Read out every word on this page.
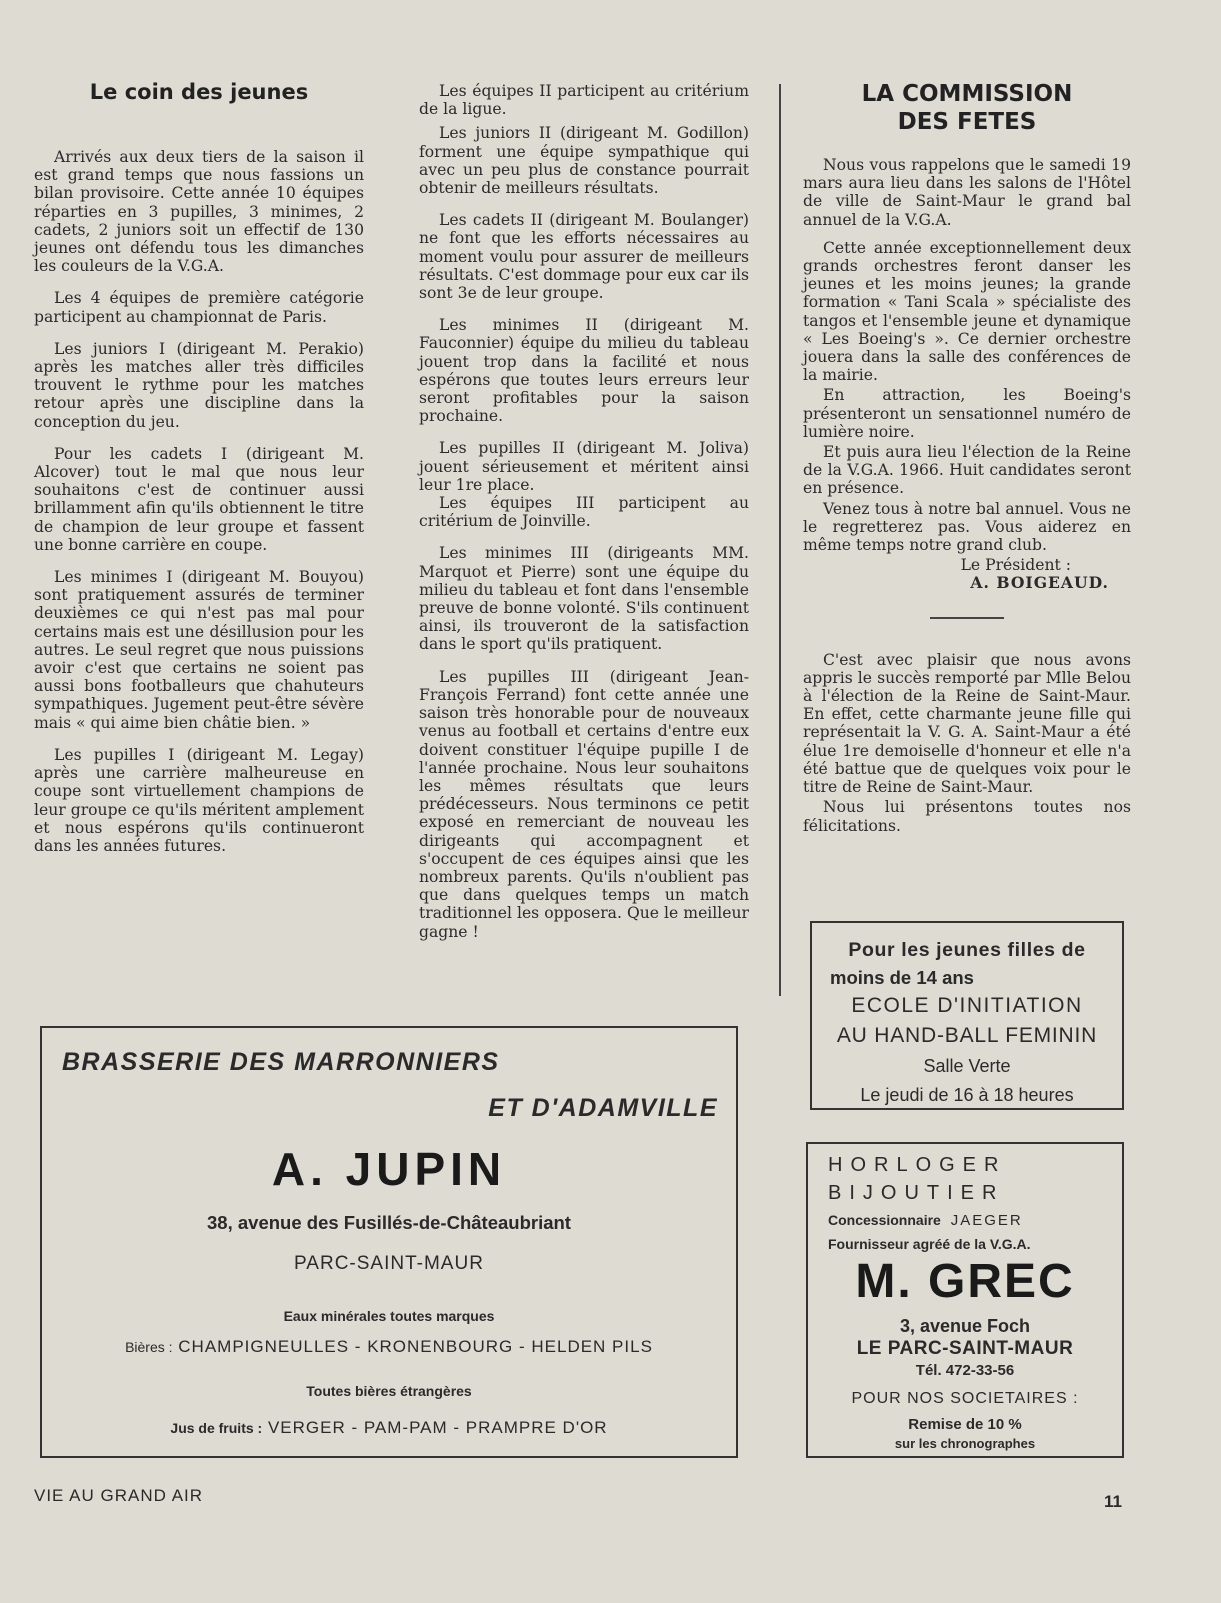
Le coin des jeunes

Arrivés aux deux tiers de la saison il est grand temps que nous fassions un bilan provisoire. Cette année 10 équipes réparties en 3 pupilles, 3 minimes, 2 cadets, 2 juniors soit un effectif de 130 jeunes ont défendu tous les dimanches les couleurs de la V.G.A.

Les 4 équipes de première catégorie participent au championnat de Paris.

Les juniors I (dirigeant M. Perakio) après les matches aller très difficiles trouvent le rythme pour les matches retour après une discipline dans la conception du jeu.

Pour les cadets I (dirigeant M. Alcover) tout le mal que nous leur souhaitons c'est de continuer aussi brillamment afin qu'ils obtiennent le titre de champion de leur groupe et fassent une bonne carrière en coupe.

Les minimes I (dirigeant M. Bouyou) sont pratiquement assurés de terminer deuxièmes ce qui n'est pas mal pour certains mais est une désillusion pour les autres. Le seul regret que nous puissions avoir c'est que certains ne soient pas aussi bons footballeurs que chahuteurs sympathiques. Jugement peut-être sévère mais « qui aime bien châtie bien. »

Les pupilles I (dirigeant M. Legay) après une carrière malheureuse en coupe sont virtuellement champions de leur groupe ce qu'ils méritent amplement et nous espérons qu'ils continueront dans les années futures.

Les équipes II participent au critérium de la ligue.

Les juniors II (dirigeant M. Godillon) forment une équipe sympathique qui avec un peu plus de constance pourrait obtenir de meilleurs résultats.

Les cadets II (dirigeant M. Boulanger) ne font que les efforts nécessaires au moment voulu pour assurer de meilleurs résultats. C'est dommage pour eux car ils sont 3e de leur groupe.

Les minimes II (dirigeant M. Fauconnier) équipe du milieu du tableau jouent trop dans la facilité et nous espérons que toutes leurs erreurs leur seront profitables pour la saison prochaine.

Les pupilles II (dirigeant M. Joliva) jouent sérieusement et méritent ainsi leur 1re place.

Les équipes III participent au critérium de Joinville.

Les minimes III (dirigeants MM. Marquot et Pierre) sont une équipe du milieu du tableau et font dans l'ensemble preuve de bonne volonté. S'ils continuent ainsi, ils trouveront de la satisfaction dans le sport qu'ils pratiquent.

Les pupilles III (dirigeant Jean-François Ferrand) font cette année une saison très honorable pour de nouveaux venus au football et certains d'entre eux doivent constituer l'équipe pupille I de l'année prochaine. Nous leur souhaitons les mêmes résultats que leurs prédécesseurs. Nous terminons ce petit exposé en remerciant de nouveau les dirigeants qui accompagnent et s'occupent de ces équipes ainsi que les nombreux parents. Qu'ils n'oublient pas que dans quelques temps un match traditionnel les opposera. Que le meilleur gagne !

LA COMMISSION
DES FETES

Nous vous rappelons que le samedi 19 mars aura lieu dans les salons de l'Hôtel de ville de Saint-Maur le grand bal annuel de la V.G.A.

Cette année exceptionnellement deux grands orchestres feront danser les jeunes et les moins jeunes; la grande formation « Tani Scala » spécialiste des tangos et l'ensemble jeune et dynamique « Les Boeing's ». Ce dernier orchestre jouera dans la salle des conférences de la mairie.

En attraction, les Boeing's présenteront un sensationnel numéro de lumière noire.

Et puis aura lieu l'élection de la Reine de la V.G.A. 1966. Huit candidates seront en présence.

Venez tous à notre bal annuel. Vous ne le regretterez pas. Vous aiderez en même temps notre grand club.

Le Président :
A. BOIGEAUD.

C'est avec plaisir que nous avons appris le succès remporté par Mlle Belou à l'élection de la Reine de Saint-Maur. En effet, cette charmante jeune fille qui représentait la V. G. A. Saint-Maur a été élue 1re demoiselle d'honneur et elle n'a été battue que de quelques voix pour le titre de Reine de Saint-Maur.

Nous lui présentons toutes nos félicitations.

Pour les jeunes filles de
moins de 14 ans
ECOLE D'INITIATION
AU HAND-BALL FEMININ
Salle Verte
Le jeudi de 16 à 18 heures
BRASSERIE DES MARRONNIERS
ET D'ADAMVILLE
A. JUPIN
38, avenue des Fusillés-de-Châteaubriant
PARC-SAINT-MAUR
Eaux minérales toutes marques
Bières : CHAMPIGNEULLES - KRONENBOURG - HELDEN PILS
Toutes bières étrangères
Jus de fruits : VERGER - PAM-PAM - PRAMPRE D'OR
HORLOGER
BIJOUTIER
Concessionnaire JAEGER
Fournisseur agréé de la V.G.A.
M. GREC
3, avenue Foch
LE PARC-SAINT-MAUR
Tél. 472-33-56
POUR NOS SOCIETAIRES :
Remise de 10 %
sur les chronographes
VIE AU GRAND AIR	11
